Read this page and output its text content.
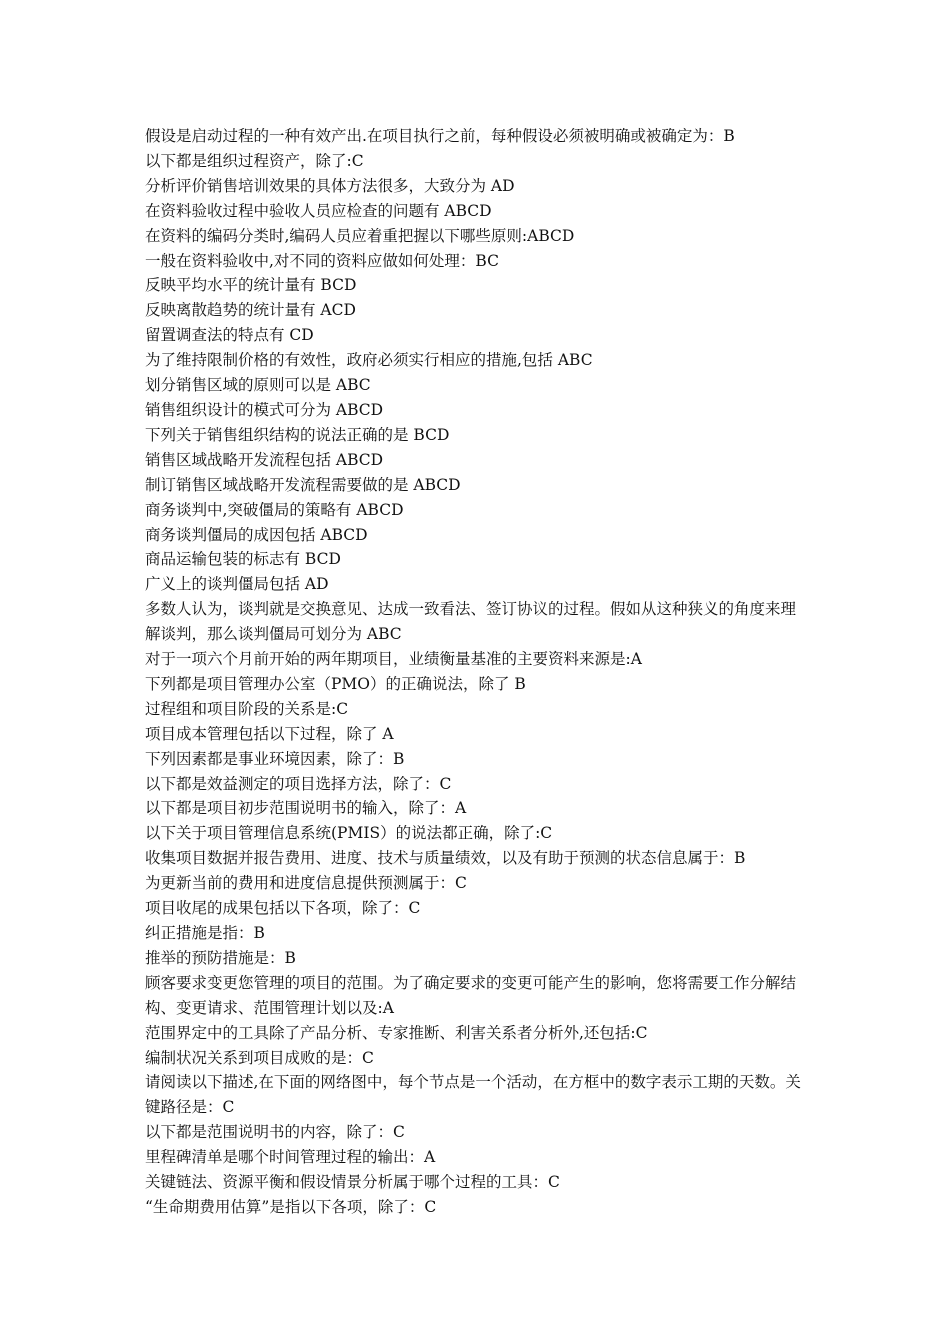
假设是启动过程的一种有效产出.在项目执行之前，每种假设必须被明确或被确定为：B

以下都是组织过程资产，除了:C

分析评价销售培训效果的具体方法很多，大致分为 AD

在资料验收过程中验收人员应检查的问题有 ABCD

在资料的编码分类时,编码人员应着重把握以下哪些原则:ABCD

一般在资料验收中,对不同的资料应做如何处理：BC

反映平均水平的统计量有 BCD

反映离散趋势的统计量有 ACD

留置调查法的特点有 CD

为了维持限制价格的有效性，政府必须实行相应的措施,包括 ABC

划分销售区域的原则可以是 ABC

销售组织设计的模式可分为 ABCD

下列关于销售组织结构的说法正确的是 BCD

销售区域战略开发流程包括 ABCD

制订销售区域战略开发流程需要做的是 ABCD

商务谈判中,突破僵局的策略有 ABCD

商务谈判僵局的成因包括 ABCD

商品运输包装的标志有 BCD

广义上的谈判僵局包括 AD

多数人认为，谈判就是交换意见、达成一致看法、签订协议的过程。假如从这种狭义的角度来理解谈判，那么谈判僵局可划分为 ABC

对于一项六个月前开始的两年期项目，业绩衡量基准的主要资料来源是:A

下列都是项目管理办公室（PMO）的正确说法，除了 B

过程组和项目阶段的关系是:C

项目成本管理包括以下过程，除了 A

下列因素都是事业环境因素，除了：B

以下都是效益测定的项目选择方法，除了：C

以下都是项目初步范围说明书的输入，除了：A

以下关于项目管理信息系统(PMIS）的说法都正确，除了:C

收集项目数据并报告费用、进度、技术与质量绩效，以及有助于预测的状态信息属于：B

为更新当前的费用和进度信息提供预测属于：C

项目收尾的成果包括以下各项，除了：C

纠正措施是指：B

推举的预防措施是：B

顾客要求变更您管理的项目的范围。为了确定要求的变更可能产生的影响，您将需要工作分解结构、变更请求、范围管理计划以及:A

范围界定中的工具除了产品分析、专家推断、利害关系者分析外,还包括:C

编制状况关系到项目成败的是：C

请阅读以下描述,在下面的网络图中，每个节点是一个活动，在方框中的数字表示工期的天数。关键路径是：C

以下都是范围说明书的内容，除了：C

里程碑清单是哪个时间管理过程的输出：A

关键链法、资源平衡和假设情景分析属于哪个过程的工具：C

“生命期费用估算”是指以下各项，除了：C
